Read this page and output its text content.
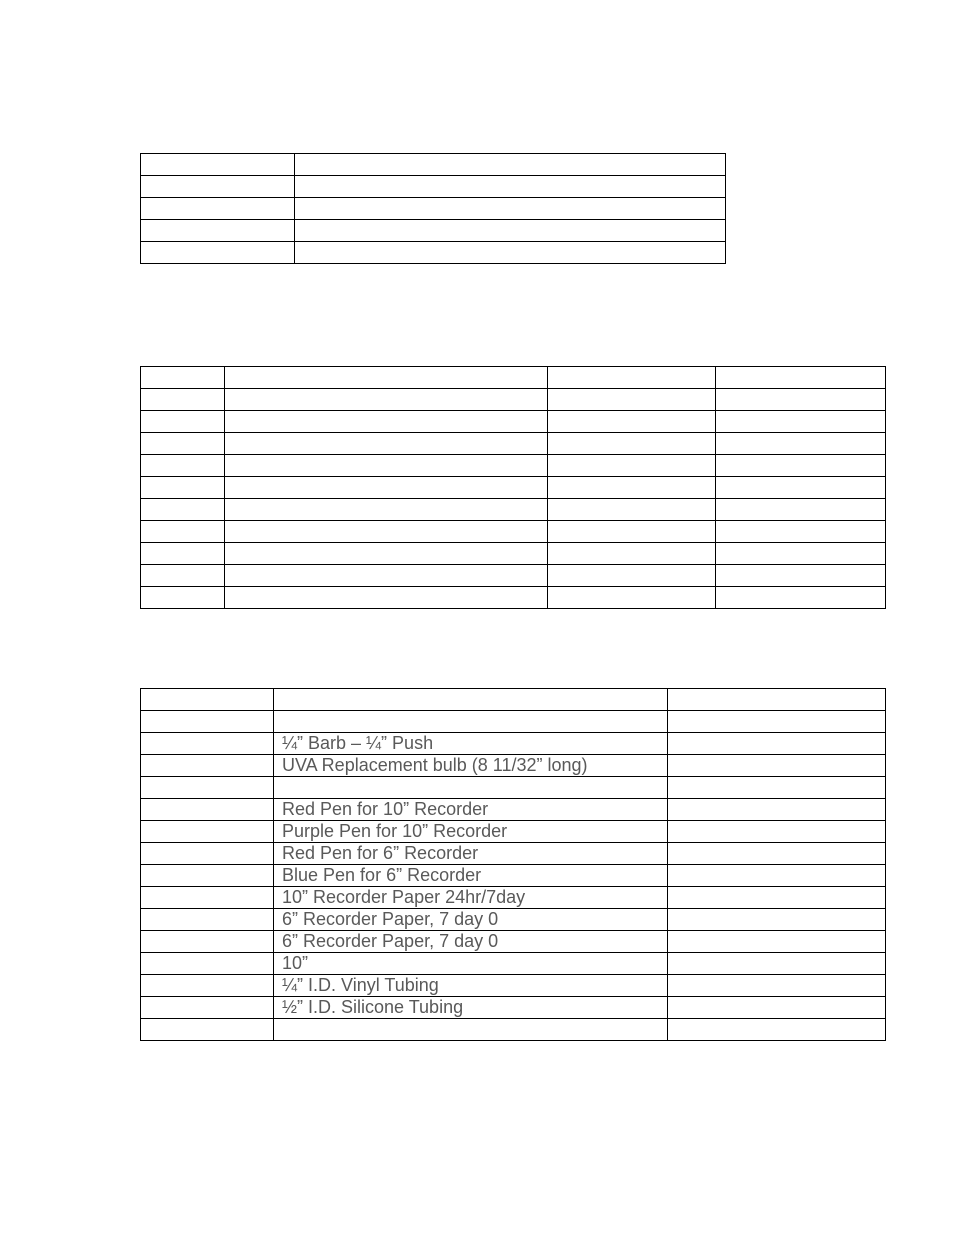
	¼” Barb – ¼” Push	
	UVA Replacement bulb (8 11/32” long)	

	Red Pen for 10” Recorder	
	Purple Pen for 10” Recorder	
	Red Pen for 6” Recorder	
	Blue Pen for 6” Recorder	
	10” Recorder Paper 24hr/7day	
	6” Recorder Paper, 7 day 0	
	6” Recorder Paper, 7 day 0	
	10”	
	¼” I.D. Vinyl Tubing	
	½” I.D. Silicone Tubing	
